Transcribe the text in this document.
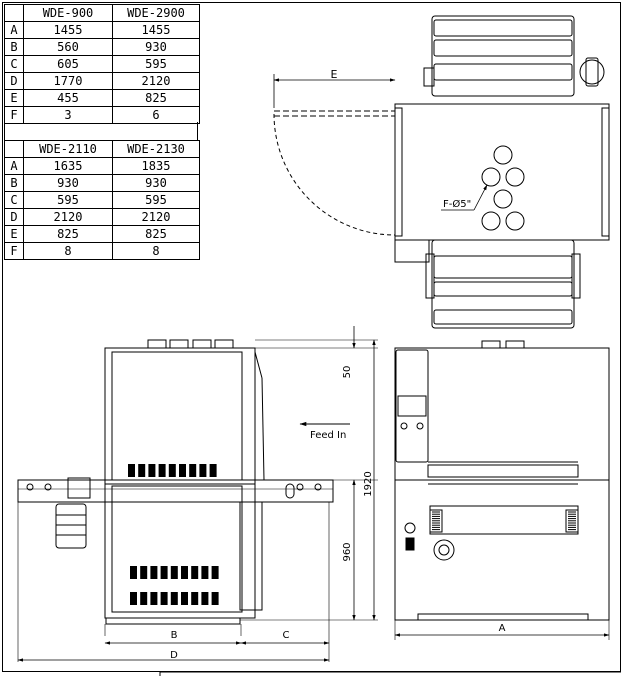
	WDE-900	WDE-2900
A	1455	1455
B	560	930
C	605	595
D	1770	2120
E	455	825
F	3	6
	WDE-2110	WDE-2130
A	1635	1835
B	930	930
C	595	595
D	2120	2120
E	825	825
F	8	8
E
F-Ø5"
B	C
D
Feed In
50
1920
960
A
